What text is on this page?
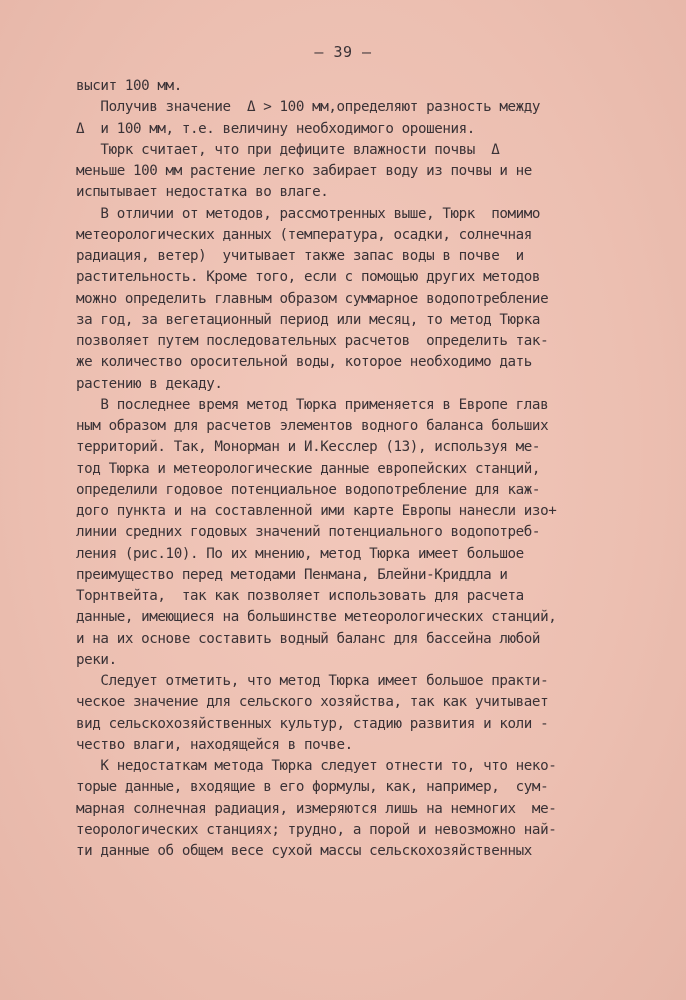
— 39 —
высит 100 мм.
Получив значение  Δ > 100 мм,определяют разность между
Δ  и 100 мм, т.е. величину необходимого орошения.
Тюрк считает, что при дефиците влажности почвы  Δ
меньше 100 мм растение легко забирает воду из почвы и не
испытывает недостатка во влаге.
В отличии от методов, рассмотренных выше, Тюрк  помимо
метеорологических данных (температура, осадки, солнечная
радиация, ветер)  учитывает также запас воды в почве  и
растительность. Кроме того, если с помощью других методов
можно определить главным образом суммарное водопотребление
за год, за вегетационный период или месяц, то метод Тюрка
позволяет путем последовательных расчетов  определить так-
же количество оросительной воды, которое необходимо дать
растению в декаду.
В последнее время метод Тюрка применяется в Европе глав
ным образом для расчетов элементов водного баланса больших
территорий. Так, Монорман и И.Кесслер (13), используя ме-
тод Тюрка и метеорологические данные европейских станций,
определили годовое потенциальное водопотребление для каж-
дого пункта и на составленной ими карте Европы нанесли изо+
линии средних годовых значений потенциального водопотреб-
ления (рис.10). По их мнению, метод Тюрка имеет большое
преимущество перед методами Пенмана, Блейни-Криддла и
Торнтвейта,  так как позволяет использовать для расчета
данные, имеющиеся на большинстве метеорологических станций,
и на их основе составить водный баланс для бассейна любой
реки.
Следует отметить, что метод Тюрка имеет большое практи-
ческое значение для сельского хозяйства, так как учитывает
вид сельскохозяйственных культур, стадию развития и коли -
чество влаги, находящейся в почве.
К недостаткам метода Тюрка следует отнести то, что неко-
торые данные, входящие в его формулы, как, например,  сум-
марная солнечная радиация, измеряются лишь на немногих  ме-
теорологических станциях; трудно, а порой и невозможно най-
ти данные об общем весе сухой массы сельскохозяйственных
